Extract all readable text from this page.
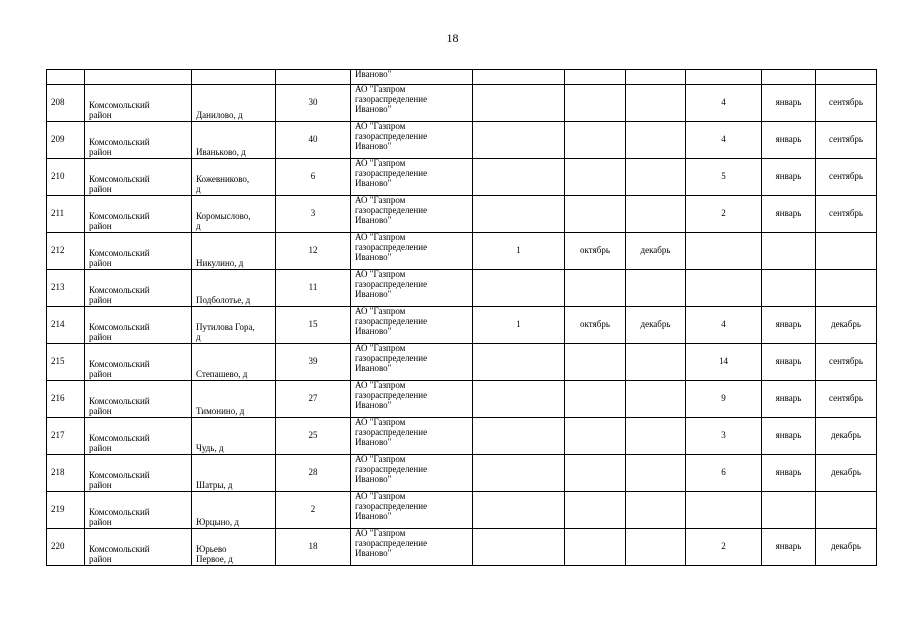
18
				Иваново"						
208	Комсомольский
район	Данилово, д	30	АО "Газпром
газораспределение
Иваново"				4	январь	сентябрь
209	Комсомольский
район	Иваньково, д	40	АО "Газпром
газораспределение
Иваново"				4	январь	сентябрь
210	Комсомольский
район	Кожевниково,
д	6	АО "Газпром
газораспределение
Иваново"				5	январь	сентябрь
211	Комсомольский
район	Коромыслово,
д	3	АО "Газпром
газораспределение
Иваново"				2	январь	сентябрь
212	Комсомольский
район	Никулино, д	12	АО "Газпром
газораспределение
Иваново"	1	октябрь	декабрь			
213	Комсомольский
район	Подболотье, д	11	АО "Газпром
газораспределение
Иваново"						
214	Комсомольский
район	Путилова Гора,
д	15	АО "Газпром
газораспределение
Иваново"	1	октябрь	декабрь	4	январь	декабрь
215	Комсомольский
район	Степашево, д	39	АО "Газпром
газораспределение
Иваново"				14	январь	сентябрь
216	Комсомольский
район	Тимонино, д	27	АО "Газпром
газораспределение
Иваново"				9	январь	сентябрь
217	Комсомольский
район	Чудь, д	25	АО "Газпром
газораспределение
Иваново"				3	январь	декабрь
218	Комсомольский
район	Шатры, д	28	АО "Газпром
газораспределение
Иваново"				6	январь	декабрь
219	Комсомольский
район	Юрцыно, д	2	АО "Газпром
газораспределение
Иваново"						
220	Комсомольский
район	Юрьево
Первое, д	18	АО "Газпром
газораспределение
Иваново"				2	январь	декабрь
